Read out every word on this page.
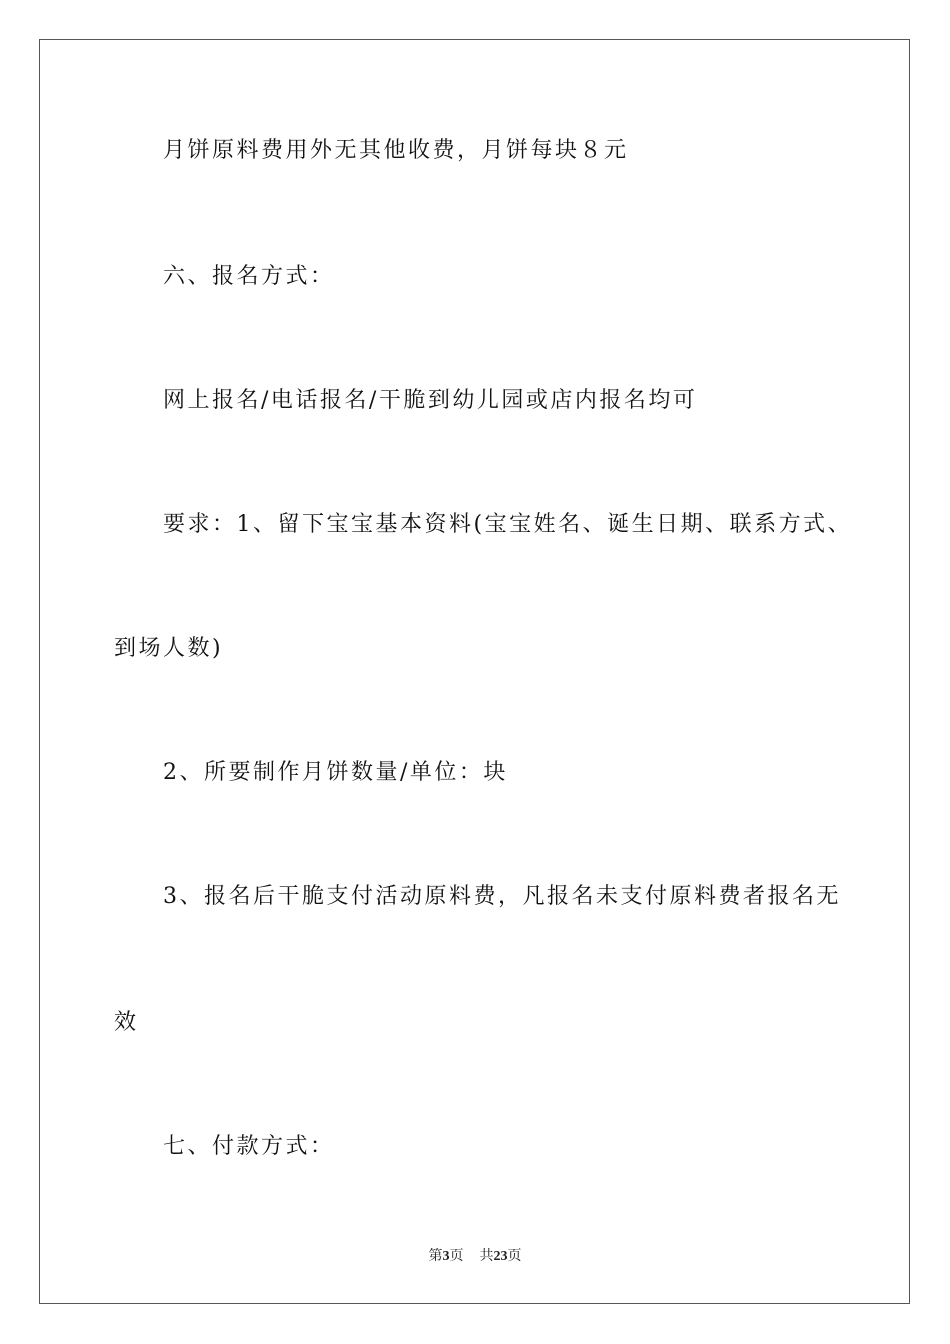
月饼原料费用外无其他收费，月饼每块８元
六、报名方式：
网上报名/电话报名/干脆到幼儿园或店内报名均可
要求：1、留下宝宝基本资料(宝宝姓名、诞生日期、联系方式、
到场人数)
2、所要制作月饼数量/单位：块
3、报名后干脆支付活动原料费，凡报名未支付原料费者报名无
效
七、付款方式：
第3页 共23页
